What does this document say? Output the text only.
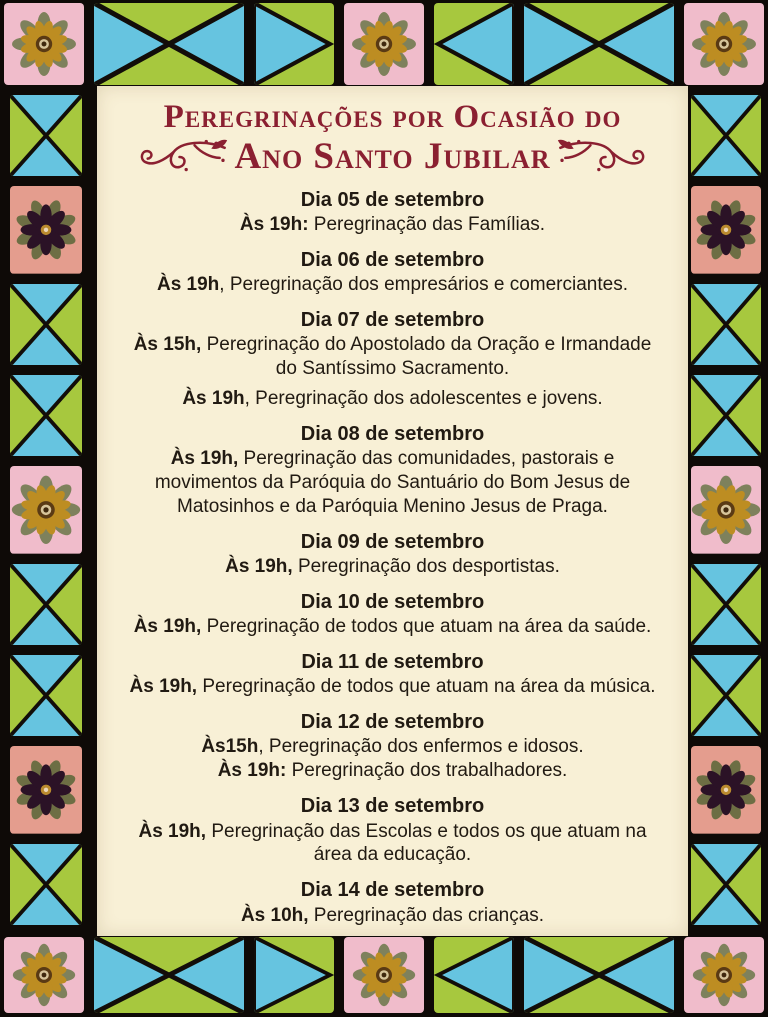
Peregrinações por Ocasião do
Ano Santo Jubilar
Dia 05 de setembro

Às 19h: Peregrinação das Famílias.

Dia 06 de setembro

Às 19h, Peregrinação dos empresários e comerciantes.

Dia 07 de setembro

Às 15h, Peregrinação do Apostolado da Oração e Irmandade do Santíssimo Sacramento.

Às 19h, Peregrinação dos adolescentes e jovens.

Dia 08 de setembro

Às 19h, Peregrinação das comunidades, pastorais e movimentos da Paróquia do Santuário do Bom Jesus de Matosinhos e da Paróquia Menino Jesus de Praga.

Dia 09 de setembro

Às 19h, Peregrinação dos desportistas.

Dia 10 de setembro

Às 19h, Peregrinação de todos que atuam na área da saúde.

Dia 11 de setembro

Às 19h, Peregrinação de todos que atuam na área da música.

Dia 12 de setembro

Às15h, Peregrinação dos enfermos e idosos.

Às 19h: Peregrinação dos trabalhadores.

Dia 13 de setembro

Às 19h, Peregrinação das Escolas e todos os que atuam na área da educação.

Dia 14 de setembro

Às 10h, Peregrinação das crianças.
